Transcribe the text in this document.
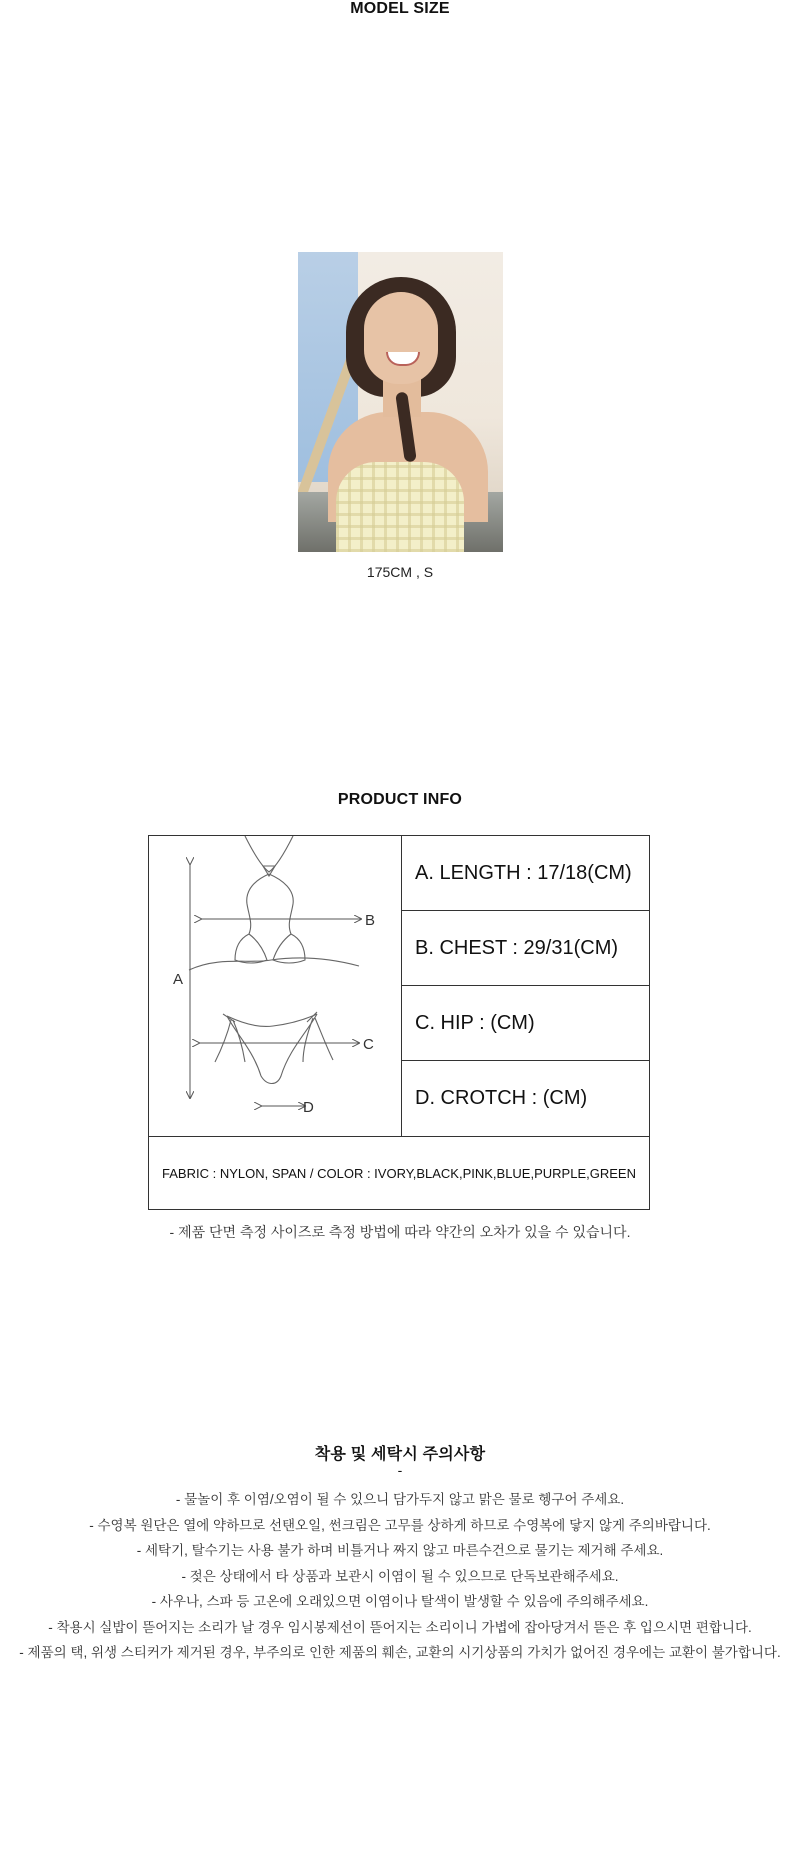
MODEL SIZE
175CM , S
PRODUCT INFO
A
B
C
D
A. LENGTH : 17/18(CM)
B. CHEST : 29/31(CM)
C. HIP : (CM)
D. CROTCH : (CM)
FABRIC : NYLON, SPAN / COLOR : IVORY,BLACK,PINK,BLUE,PURPLE,GREEN
- 제품 단면 측정 사이즈로 측정 방법에 따라 약간의 오차가 있을 수 있습니다.
착용 및 세탁시 주의사항
-
- 물놀이 후 이염/오염이 될 수 있으니 담가두지 않고 맑은 물로 헹구어 주세요.
- 수영복 원단은 열에 약하므로 선탠오일, 썬크림은 고무를 상하게 하므로 수영복에 닿지 않게 주의바랍니다.
- 세탁기, 탈수기는 사용 불가 하며 비틀거나 짜지 않고 마른수건으로 물기는 제거해 주세요.
- 젖은 상태에서 타 상품과 보관시 이염이 될 수 있으므로 단독보관해주세요.
- 사우나, 스파 등 고온에 오래있으면 이염이나 탈색이 발생할 수 있음에 주의해주세요.
- 착용시 실밥이 뜯어지는 소리가 날 경우 임시봉제선이 뜯어지는 소리이니 가볍에 잡아당겨서 뜯은 후 입으시면 편합니다.
- 제품의 택, 위생 스티커가 제거된 경우, 부주의로 인한 제품의 훼손, 교환의 시기상품의 가치가 없어진 경우에는 교환이 불가합니다.
